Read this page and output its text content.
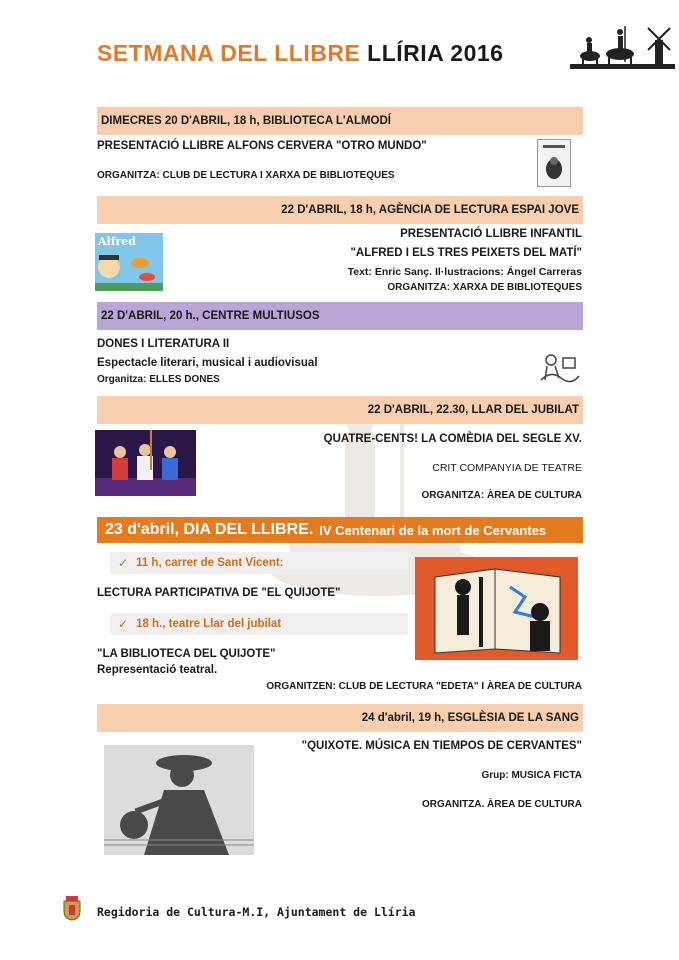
SETMANA DEL LLIBRE LLÍRIA 2016
DIMECRES 20 D'ABRIL, 18 h, BIBLIOTECA L'ALMODÍ
PRESENTACIÓ LLIBRE ALFONS CERVERA "OTRO MUNDO"
ORGANITZA: CLUB DE LECTURA I XARXA DE BIBLIOTEQUES
22 D'ABRIL, 18 h, AGÈNCIA DE LECTURA ESPAI JOVE
PRESENTACIÓ LLIBRE INFANTIL
"ALFRED I ELS TRES PEIXETS DEL MATÍ"
Text: Enric Sanç. Il·lustracions: Ángel Carreras
ORGANITZA: XARXA DE BIBLIOTEQUES
Alfred
22 D'ABRIL, 20 h., CENTRE MULTIUSOS
DONES I LITERATURA II
Espectacle literari, musical i audiovisual
Organitza: ELLES DONES
22 D'ABRIL, 22.30, LLAR DEL JUBILAT
QUATRE-CENTS! LA COMÈDIA DEL SEGLE XV.
CRIT COMPANYIA DE TEATRE
ORGANITZA: ÀREA DE CULTURA
23 d'abril, DIA DEL LLIBRE. IV Centenari de la mort de Cervantes
✓ 11 h, carrer de Sant Vicent:
LECTURA PARTICIPATIVA DE "EL QUIJOTE"
✓ 18 h., teatre Llar del jubilat
"LA BIBLIOTECA DEL QUIJOTE"
Representació teatral.
ORGANITZEN: CLUB DE LECTURA "EDETA" I ÀREA DE CULTURA
24 d'abril, 19 h, ESGLÈSIA DE LA SANG
"QUIXOTE. MÚSICA EN TIEMPOS DE CERVANTES"
Grup: MUSICA FICTA
ORGANITZA. ÀREA DE CULTURA
Regidoria de Cultura-M.I, Ajuntament de Llíria
